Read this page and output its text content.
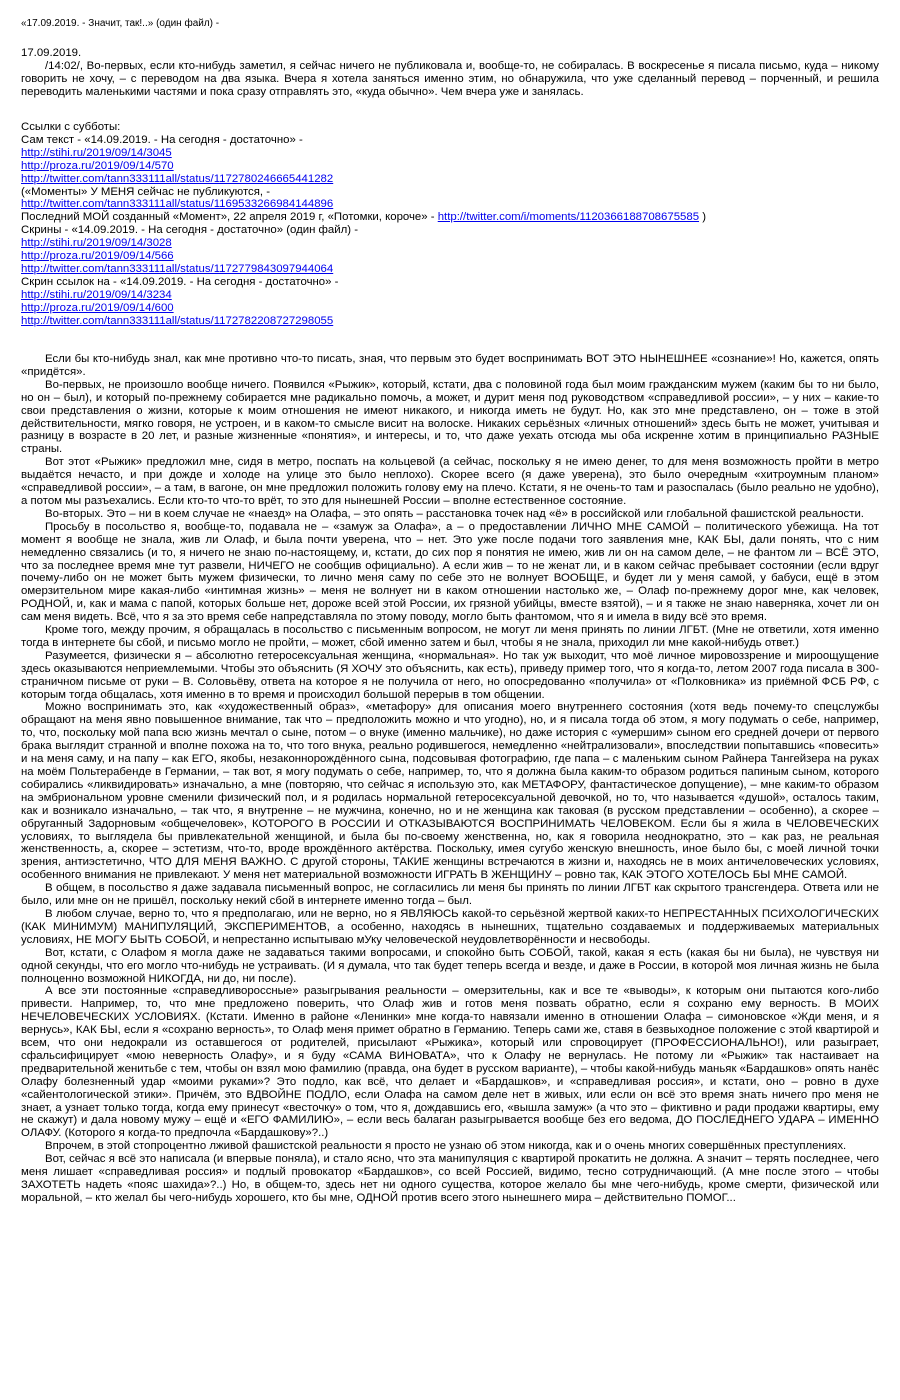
«17.09.2019. - Значит, так!..» (один файл) -

17.09.2019.

/14:02/, Во-первых, если кто-нибудь заметил, я сейчас ничего не публиковала и, вообще-то, не собиралась. В воскресенье я писала письмо, куда – никому говорить не хочу, – с переводом на два языка. Вчера я хотела заняться именно этим, но обнаружила, что уже сделанный перевод – порченный, и решила переводить маленькими частями и пока сразу отправлять это, «куда обычно». Чем вчера уже и занялась.

Ссылки с субботы:
Сам текст - «14.09.2019. - На сегодня - достаточно» -
http://stihi.ru/2019/09/14/3045
http://proza.ru/2019/09/14/570
http://twitter.com/tann333111all/status/1172780246665441282
(«Моменты» У МЕНЯ сейчас не публикуются, -
http://twitter.com/tann333111all/status/1169533266984144896
Последний МОЙ созданный «Момент», 22 апреля 2019 г, «Потомки, короче» - http://twitter.com/i/moments/1120366188708675585 )
Скрины - «14.09.2019. - На сегодня - достаточно» (один файл) -
http://stihi.ru/2019/09/14/3028
http://proza.ru/2019/09/14/566
http://twitter.com/tann333111all/status/1172779843097944064
Скрин ссылок на - «14.09.2019. - На сегодня - достаточно» -
http://stihi.ru/2019/09/14/3234
http://proza.ru/2019/09/14/600
http://twitter.com/tann333111all/status/1172782208727298055

Если бы кто-нибудь знал, как мне противно что-то писать, зная, что первым это будет воспринимать ВОТ ЭТО НЫНЕШНЕЕ «сознание»! Но, кажется, опять «придётся».

Во-первых, не произошло вообще ничего. Появился «Рыжик», который, кстати, два с половиной года был моим гражданским мужем (каким бы то ни было, но он – был), и который по-прежнему собирается мне радикально помочь, а может, и дурит меня под руководством «справедливой россии», – у них – какие-то свои представления о жизни, которые к моим отношения не имеют никакого, и никогда иметь не будут. Но, как это мне представлено, он – тоже в этой действительности, мягко говоря, не устроен, и в каком-то смысле висит на волоске. Никаких серьёзных «личных отношений» здесь быть не может, учитывая и разницу в возрасте в 20 лет, и разные жизненные «понятия», и интересы, и то, что даже уехать отсюда мы оба искренне хотим в принципиально РАЗНЫЕ страны.

Вот этот «Рыжик» предложил мне, сидя в метро, поспать на кольцевой (а сейчас, поскольку я не имею денег, то для меня возможность пройти в метро выдаётся нечасто, и при дожде и холоде на улице это было неплохо). Скорее всего (я даже уверена), это было очередным «хитроумным планом» «справедливой россии», – а там, в вагоне, он мне предложил положить голову ему на плечо. Кстати, я не очень-то там и разоспалась (было реально не удобно), а потом мы разъехались. Если кто-то что-то врёт, то это для нынешней России – вполне естественное состояние.

Во-вторых. Это – ни в коем случае не «наезд» на Олафа, – это опять – расстановка точек над «ё» в российской или глобальной фашистской реальности.

Просьбу в посольство я, вообще-то, подавала не – «замуж за Олафа», а – о предоставлении ЛИЧНО МНЕ САМОЙ – политического убежища. На тот момент я вообще не знала, жив ли Олаф, и была почти уверена, что – нет. Это уже после подачи того заявления мне, КАК БЫ, дали понять, что с ним немедленно связались (и то, я ничего не знаю по-настоящему, и, кстати, до сих пор я понятия не имею, жив ли он на самом деле, – не фантом ли – ВСЁ ЭТО, что за последнее время мне тут развели, НИЧЕГО не сообщив официально). А если жив – то не женат ли, и в каком сейчас пребывает состоянии (если вдруг почему-либо он не может быть мужем физически, то лично меня саму по себе это не волнует ВООБЩЕ, и будет ли у меня самой, у бабуси, ещё в этом омерзительном мире какая-либо «интимная жизнь» – меня не волнует ни в каком отношении настолько же, – Олаф по-прежнему дорог мне, как человек, РОДНОЙ, и, как и мама с папой, которых больше нет, дороже всей этой России, их грязной убийцы, вместе взятой), – и я также не знаю наверняка, хочет ли он сам меня видеть. Всё, что я за это время себе напредставляла по этому поводу, могло быть фантомом, что я и имела в виду всё это время.

Кроме того, между прочим, я обращалась в посольство с письменным вопросом, не могут ли меня принять по линии ЛГБТ. (Мне не ответили, хотя именно тогда в интернете бы сбой, и письмо могло не пройти, – может, сбой именно затем и был, чтобы я не знала, приходил ли мне какой-нибудь ответ.)

Разумеется, физически я – абсолютно гетеросексуальная женщина, «нормальная». Но так уж выходит, что моё личное мировоззрение и мироощущение здесь оказываются неприемлемыми. Чтобы это объяснить (Я ХОЧУ это объяснить, как есть), приведу пример того, что я когда-то, летом 2007 года писала в 300-страничном письме от руки – В. Соловьёву, ответа на которое я не получила от него, но опосредованно «получила» от «Полковника» из приёмной ФСБ РФ, с которым тогда общалась, хотя именно в то время и происходил большой перерыв в том общении.

Можно воспринимать это, как «художественный образ», «метафору» для описания моего внутреннего состояния (хотя ведь почему-то спецслужбы обращают на меня явно повышенное внимание, так что – предположить можно и что угодно), но, и я писала тогда об этом, я могу подумать о себе, например, то, что, поскольку мой папа всю жизнь мечтал о сыне, потом – о внуке (именно мальчике), но даже история с «умершим» сыном его средней дочери от первого брака выглядит странной и вполне похожа на то, что того внука, реально родившегося, немедленно «нейтрализовали», впоследствии попытавшись «повесить» и на меня саму, и на папу – как ЕГО, якобы, незаконнорождённого сына, подсовывая фотографию, где папа – с маленьким сыном Райнера Тангейзера на руках на моём Польтерабенде в Германии, – так вот, я могу подумать о себе, например, то, что я должна была каким-то образом родиться папиным сыном, которого собирались «ликвидировать» изначально, а мне (повторяю, что сейчас я использую это, как МЕТАФОРУ, фантастическое допущение), – мне каким-то образом на эмбриональном уровне сменили физический пол, и я родилась нормальной гетеросексуальной девочкой, но то, что называется «душой», осталось таким, как и возникало изначально, – так что, я внутренне – не мужчина, конечно, но и не женщина как таковая (в русском представлении – особенно), а скорее – обруганный Задорновым «общечеловек», КОТОРОГО В РОССИИ И ОТКАЗЫВАЮТСЯ ВОСПРИНИМАТЬ ЧЕЛОВЕКОМ. Если бы я жила в ЧЕЛОВЕЧЕСКИХ условиях, то выглядела бы привлекательной женщиной, и была бы по-своему женственна, но, как я говорила неоднократно, это – как раз, не реальная женственность, а, скорее – эстетизм, что-то, вроде врождённого актёрства. Поскольку, имея сугубо женскую внешность, иное было бы, с моей личной точки зрения, антиэстетично, ЧТО ДЛЯ МЕНЯ ВАЖНО. С другой стороны, ТАКИЕ женщины встречаются в жизни и, находясь не в моих античеловеческих условиях, особенного внимания не привлекают. У меня нет материальной возможности ИГРАТЬ В ЖЕНЩИНУ – ровно так, КАК ЭТОГО ХОТЕЛОСЬ БЫ МНЕ САМОЙ.

В общем, в посольство я даже задавала письменный вопрос, не согласились ли меня бы принять по линии ЛГБТ как скрытого трансгендера. Ответа или не было, или мне он не пришёл, поскольку некий сбой в интернете именно тогда – был.

В любом случае, верно то, что я предполагаю, или не верно, но я ЯВЛЯЮСЬ какой-то серьёзной жертвой каких-то НЕПРЕСТАННЫХ ПСИХОЛОГИЧЕСКИХ (КАК МИНИМУМ) МАНИПУЛЯЦИЙ, ЭКСПЕРИМЕНТОВ, а особенно, находясь в нынешних, тщательно создаваемых и поддерживаемых материальных условиях, НЕ МОГУ БЫТЬ СОБОЙ, и непрестанно испытываю мУку человеческой неудовлетворённости и несвободы.

Вот, кстати, с Олафом я могла даже не задаваться такими вопросами, и спокойно быть СОБОЙ, такой, какая я есть (какая бы ни была), не чувствуя ни одной секунды, что его могло что-нибудь не устраивать. (И я думала, что так будет теперь всегда и везде, и даже в России, в которой моя личная жизнь не была полноценно возможной НИКОГДА, ни до, ни после).

А все эти постоянные «справедливороссные» разыгрывания реальности – омерзительны, как и все те «выводы», к которым они пытаются кого-либо привести. Например, то, что мне предложено поверить, что Олаф жив и готов меня позвать обратно, если я сохраню ему верность. В МОИХ НЕЧЕЛОВЕЧЕСКИХ УСЛОВИЯХ. (Кстати. Именно в районе «Ленинки» мне когда-то навязали именно в отношении Олафа – симоновское «Жди меня, и я вернусь», КАК БЫ, если я «сохраню верность», то Олаф меня примет обратно в Германию. Теперь сами же, ставя в безвыходное положение с этой квартирой и всем, что они недокрали из оставшегося от родителей, присылают «Рыжика», который или спровоцирует (ПРОФЕССИОНАЛЬНО!), или разыграет, сфальсифицирует «мою неверность Олафу», и я буду «САМА ВИНОВАТА», что к Олафу не вернулась. Не потому ли «Рыжик» так настаивает на предварительной женитьбе с тем, чтобы он взял мою фамилию (правда, она будет в русском варианте), – чтобы какой-нибудь маньяк «Бардашков» опять нанёс Олафу болезненный удар «моими руками»? Это подло, как всё, что делает и «Бардашков», и «справедливая россия», и кстати, оно – ровно в духе «сайентологической этики». Причём, это ВДВОЙНЕ ПОДЛО, если Олафа на самом деле нет в живых, или если он всё это время знать ничего про меня не знает, а узнает только тогда, когда ему принесут «весточку» о том, что я, дождавшись его, «вышла замуж» (а что это – фиктивно и ради продажи квартиры, ему не скажут) и дала новому мужу – ещё и «ЕГО ФАМИЛИЮ», – если весь балаган разыгрывается вообще без его ведома, ДО ПОСЛЕДНЕГО УДАРА – ИМЕННО ОЛАФУ. (Которого я когда-то предпочла «Бардашкову»?..)

Впрочем, в этой стопроцентно лживой фашистской реальности я просто не узнаю об этом никогда, как и о очень многих совершённых преступлениях.

Вот, сейчас я всё это написала (и впервые поняла), и стало ясно, что эта манипуляция с квартирой прокатить не должна. А значит – терять последнее, чего меня лишает «справедливая россия» и подлый провокатор «Бардашков», со всей Россией, видимо, тесно сотрудничающий. (А мне после этого – чтобы ЗАХОТЕТЬ надеть «пояс шахида»?..) Но, в общем-то, здесь нет ни одного существа, которое желало бы мне чего-нибудь, кроме смерти, физической или моральной, – кто желал бы чего-нибудь хорошего, кто бы мне, ОДНОЙ против всего этого нынешнего мира – действительно ПОМОГ...
